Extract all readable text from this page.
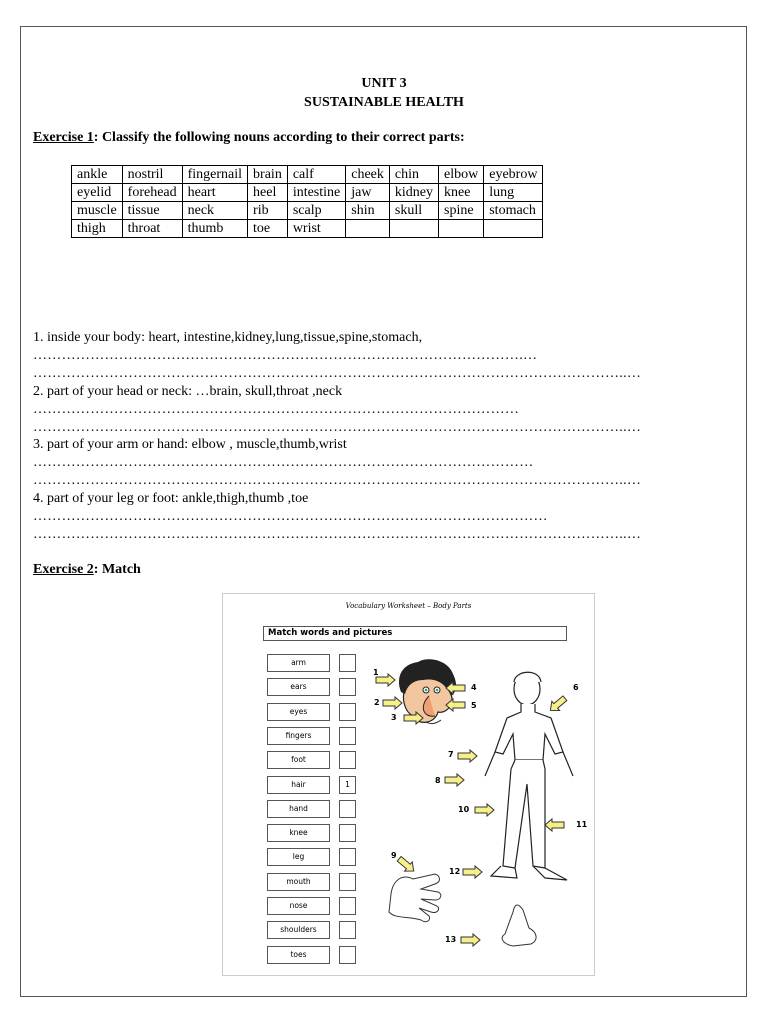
UNIT 3
SUSTAINABLE HEALTH
Exercise 1: Classify the following nouns according to their correct parts:
ankle	nostril	fingernail	brain	calf	cheek	chin	elbow	eyebrow
eyelid	forehead	heart	heel	intestine	jaw	kidney	knee	lung
muscle	tissue	neck	rib	scalp	shin	skull	spine	stomach
thigh	throat	thumb	toe	wrist				
1. inside your body: heart, intestine,kidney,lung,tissue,spine,stomach,
………………………………………………………………………………………….…
……………………………………………………………………………………………………………..…
2. part of your head or neck: …brain, skull,throat ,neck
…………………………………………………………………………………………
……………………………………………………………………………………………………………..…
3. part of your arm or hand: elbow , muscle,thumb,wrist
……………………………………………………………………………………………
……………………………………………………………………………………………………………..…
4. part of your leg or foot: ankle,thigh,thumb ,toe
………………………………………………………………………………………………
……………………………………………………………………………………………………………..…
Exercise 2: Match
Vocabulary Worksheet – Body Parts
Match words and pictures
arm
ears
eyes
fingers
foot
hair	1
hand
knee
leg
mouth
nose
shoulders
toes
1
2
3
4
5
6
7
8
9
10
11
12
13
